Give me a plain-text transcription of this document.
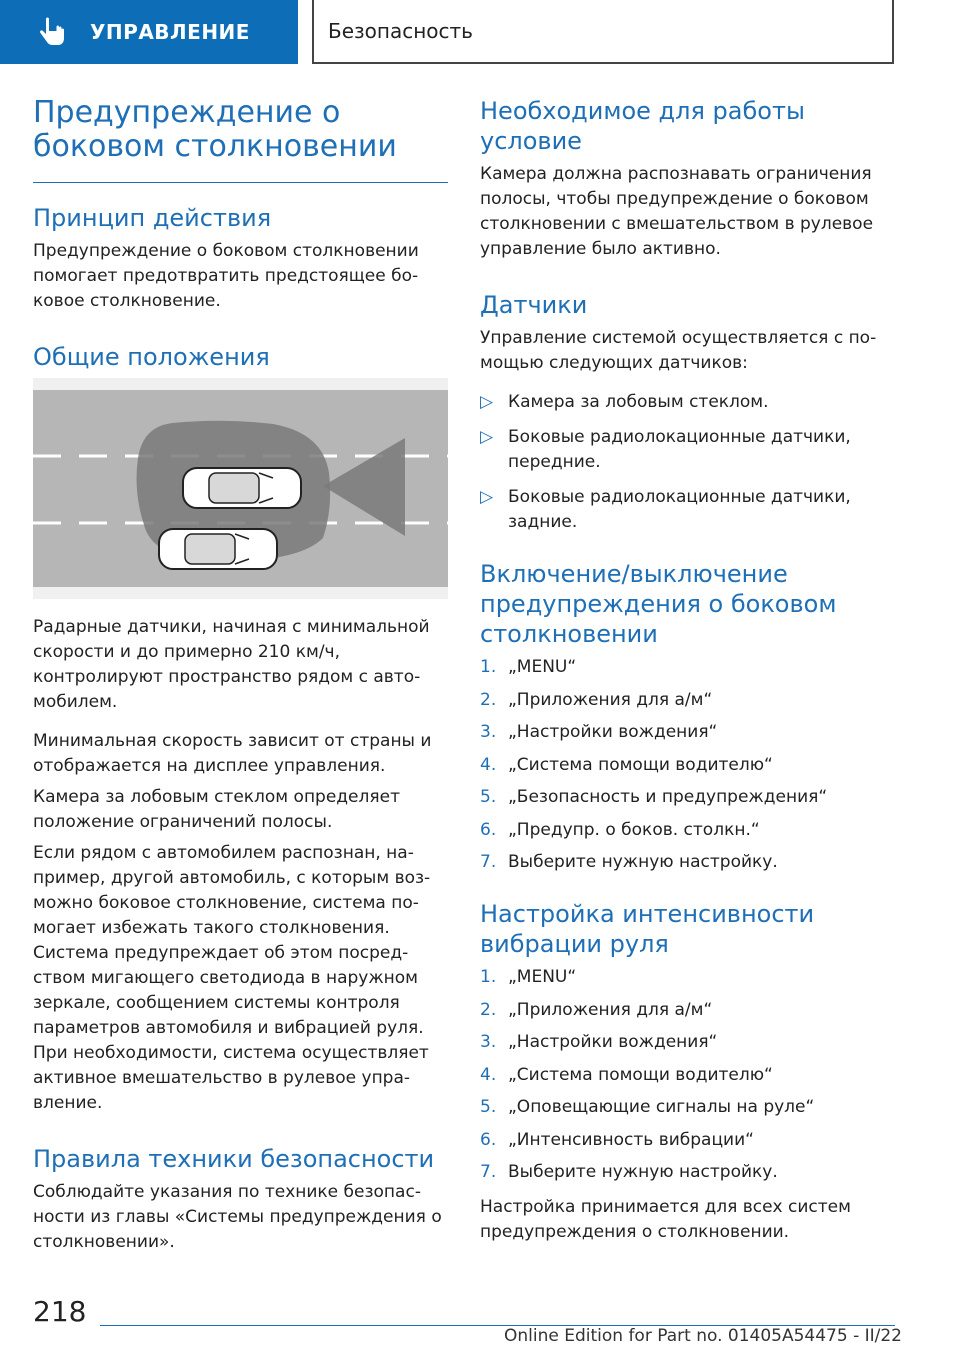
УПРАВЛЕНИЕ	Безопасность
Предупреждение о боковом столкновении
Принцип действия

Предупреждение о боковом столкновении помогает предотвратить предстоящее боковое столкновение.

Общие положения

Радарные датчики, начиная с минимальной скорости и до примерно 210 км/ч, контролируют пространство рядом с автомобилем.

Минимальная скорость зависит от страны и отображается на дисплее управления.

Камера за лобовым стеклом определяет положение ограничений полосы.

Если рядом с автомобилем распознан, например, другой автомобиль, с которым возможно боковое столкновение, система помогает избежать такого столкновения. Система предупреждает об этом посредством мигающего светодиода в наружном зеркале, сообщением системы контроля параметров автомобиля и вибрацией руля. При необходимости, система осуществляет активное вмешательство в рулевое управление.

Правила техники безопасности

Соблюдайте указания по технике безопасности из главы «Системы предупреждения о столкновении».

Необходимое для работы условие

Камера должна распознавать ограничения полосы, чтобы предупреждение о боковом столкновении с вмешательством в рулевое управление было активно.

Датчики

Управление системой осуществляется с помощью следующих датчиков:

▷ Камера за лобовым стеклом.
▷ Боковые радиолокационные датчики, передние.
▷ Боковые радиолокационные датчики, задние.
Включение/выключение предупреждения о боковом столкновении
1. „MENU“
2. „Приложения для а/м“
3. „Настройки вождения“
4. „Система помощи водителю“
5. „Безопасность и предупреждения“
6. „Предупр. о боков. столкн.“
7. Выберите нужную настройку.
Настройка интенсивности вибрации руля
1. „MENU“
2. „Приложения для а/м“
3. „Настройки вождения“
4. „Система помощи водителю“
5. „Оповещающие сигналы на руле“
6. „Интенсивность вибрации“
7. Выберите нужную настройку.

Настройка принимается для всех систем предупреждения о столкновении.

218
Online Edition for Part no. 01405A54475 - II/22
